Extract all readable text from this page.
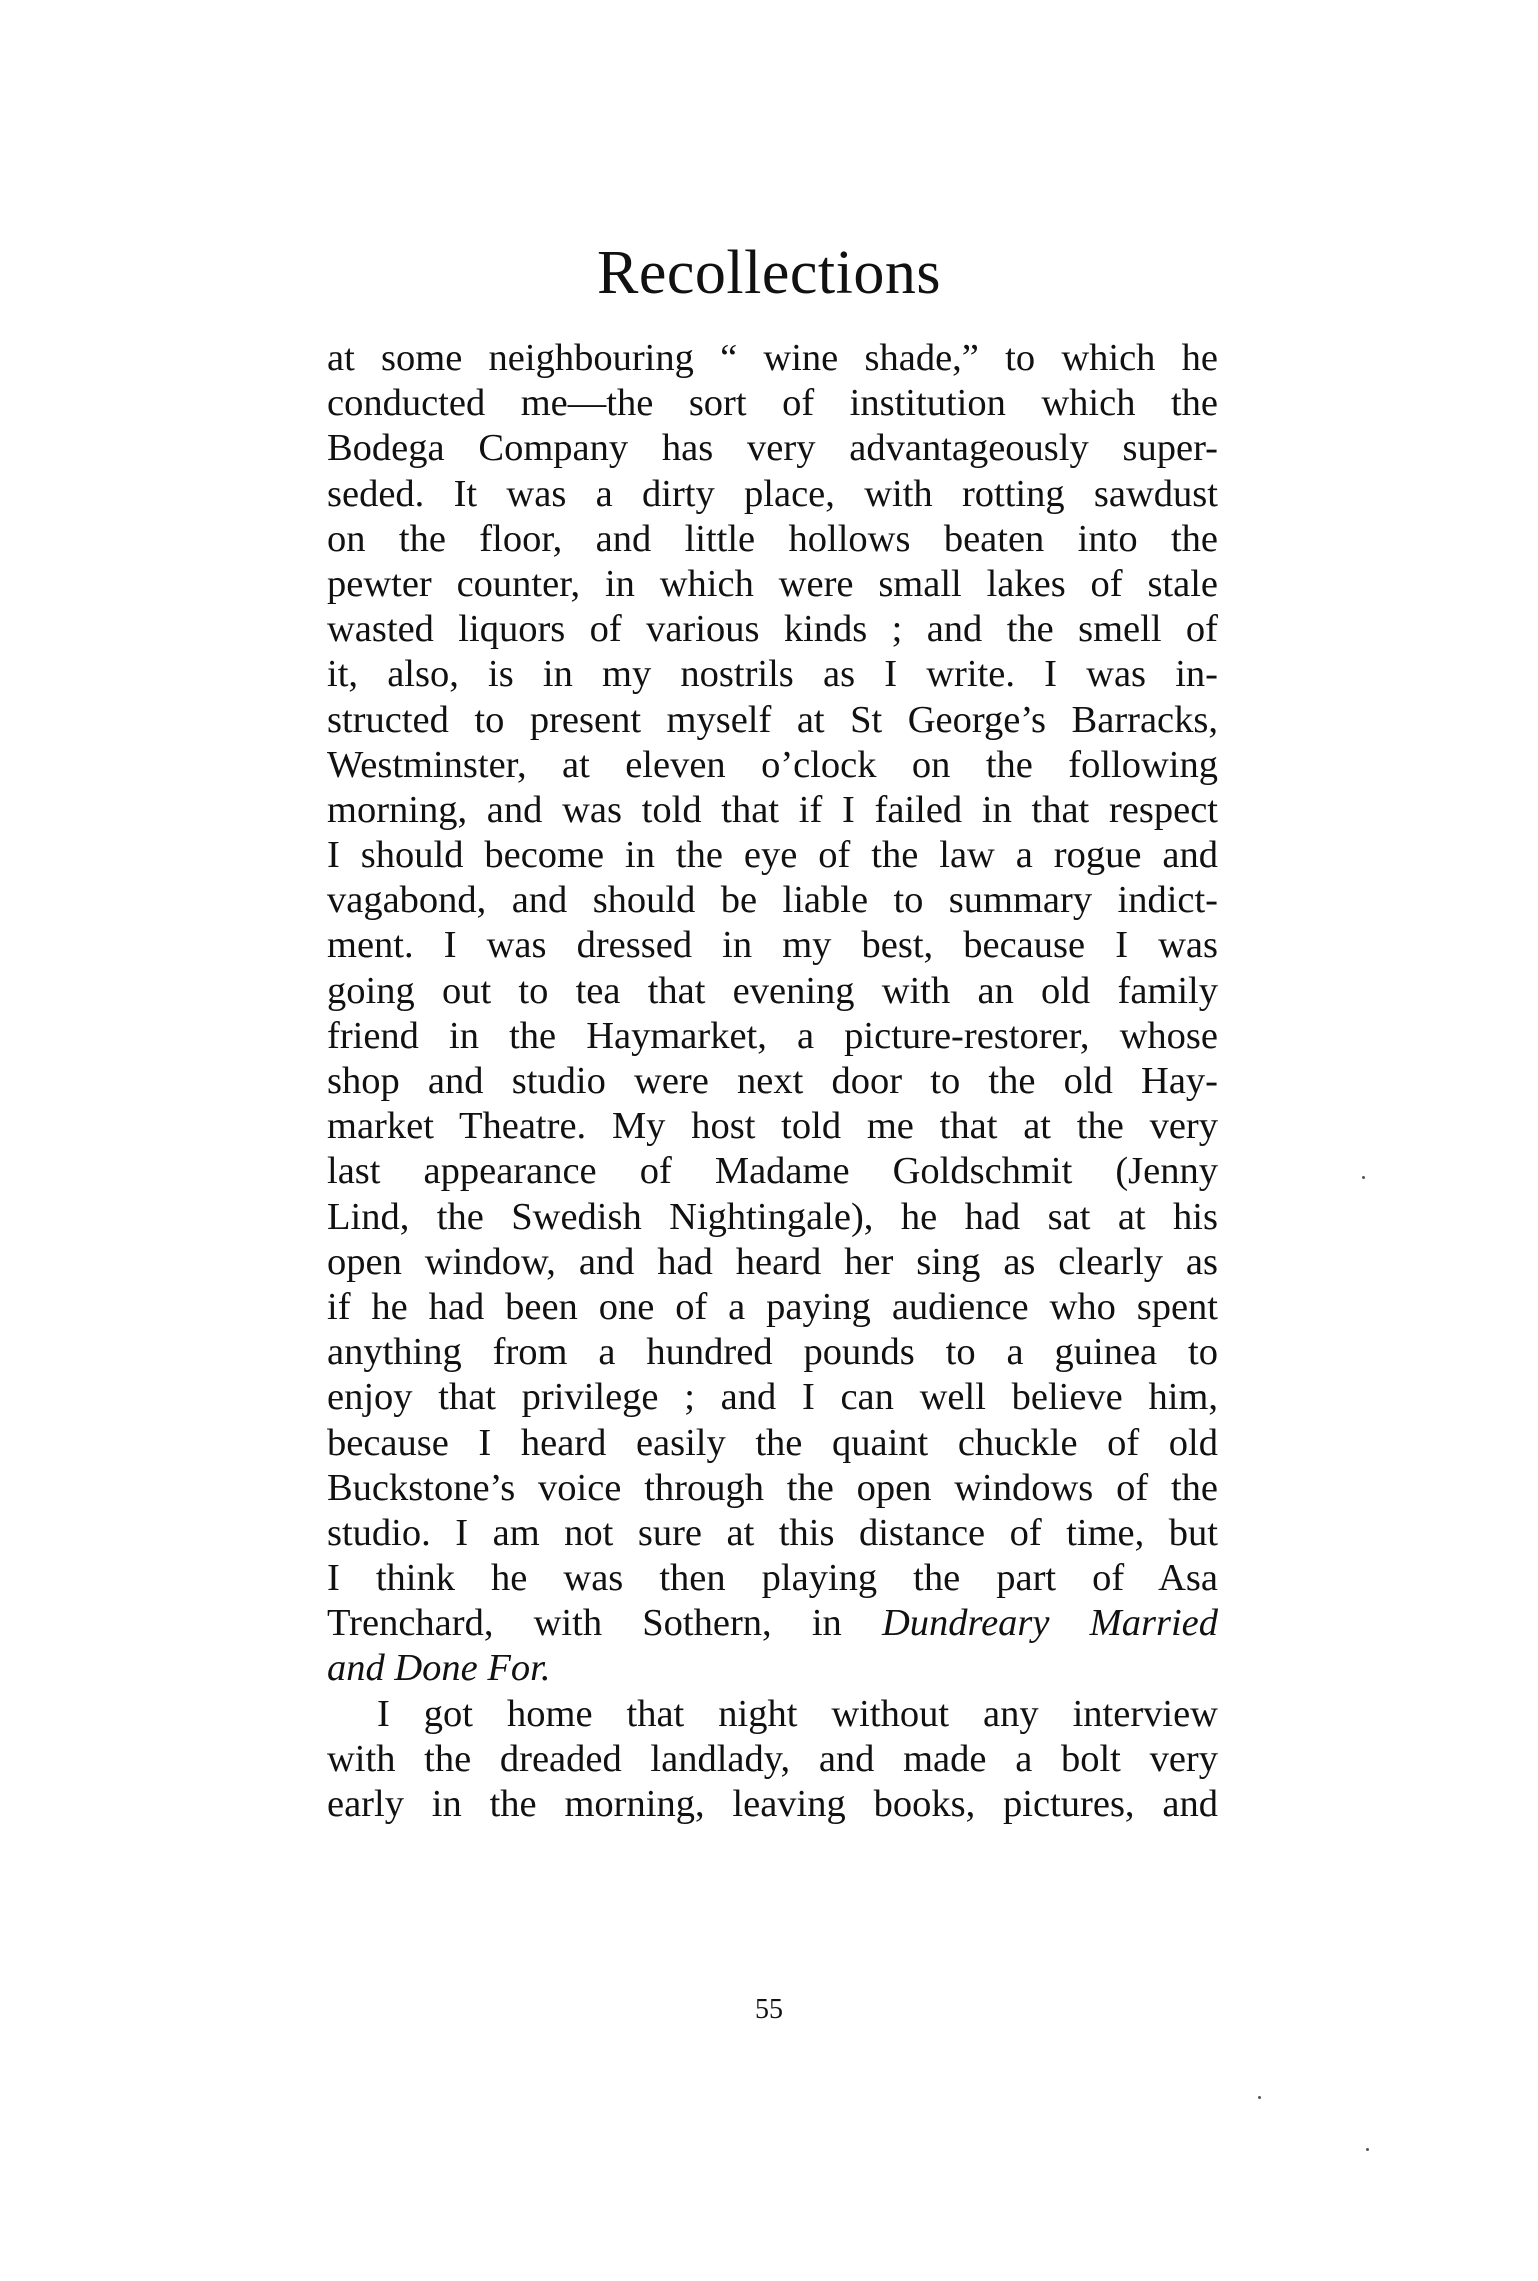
Recollections
at some neighbouring “ wine shade,” to which he
conducted me—the sort of institution which the
Bodega Company has very advantageously super-
seded. It was a dirty place, with rotting sawdust
on the floor, and little hollows beaten into the
pewter counter, in which were small lakes of stale
wasted liquors of various kinds ; and the smell of
it, also, is in my nostrils as I write. I was in-
structed to present myself at St George’s Barracks,
Westminster, at eleven o’clock on the following
morning, and was told that if I failed in that respect
I should become in the eye of the law a rogue and
vagabond, and should be liable to summary indict-
ment. I was dressed in my best, because I was
going out to tea that evening with an old family
friend in the Haymarket, a picture-restorer, whose
shop and studio were next door to the old Hay-
market Theatre. My host told me that at the very
last appearance of Madame Goldschmit (Jenny
Lind, the Swedish Nightingale), he had sat at his
open window, and had heard her sing as clearly as
if he had been one of a paying audience who spent
anything from a hundred pounds to a guinea to
enjoy that privilege ; and I can well believe him,
because I heard easily the quaint chuckle of old
Buckstone’s voice through the open windows of the
studio. I am not sure at this distance of time, but
I think he was then playing the part of Asa
Trenchard, with Sothern, in Dundreary Married
and Done For.
I got home that night without any interview
with the dreaded landlady, and made a bolt very
early in the morning, leaving books, pictures, and
55
